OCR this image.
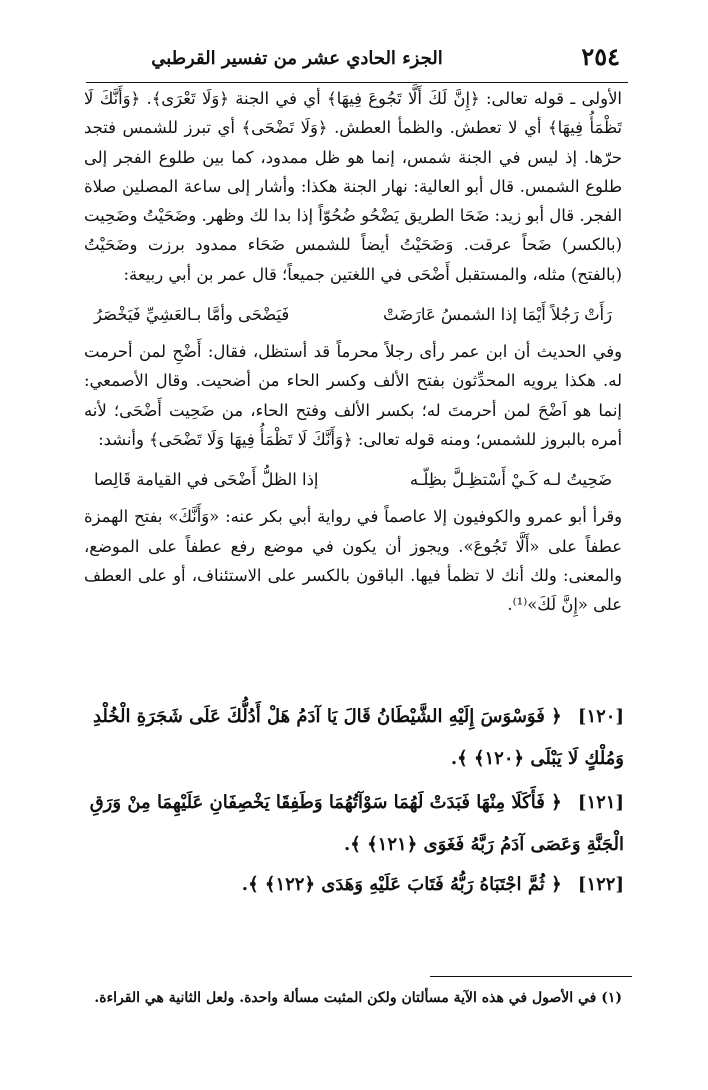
٢٥٤
الجزء الحادي عشر من تفسير القرطبي

الأولى ـ قوله تعالى: ﴿إِنَّ لَكَ أَلَّا تَجُوعَ فِيهَا﴾ أي في الجنة ﴿وَلَا تَعْرَى﴾. ﴿وَأَنَّكَ لَا تَظْمَأُ فِيهَا﴾ أي لا تعطش. والظمأ العطش. ﴿وَلَا تَضْحَى﴾ أي تبرز للشمس فتجد حرّها. إذ ليس في الجنة شمس، إنما هو ظل ممدود، كما بين طلوع الفجر إلى طلوع الشمس. قال أبو العالية: نهار الجنة هكذا: وأشار إلى ساعة المصلين صلاة الفجر. قال أبو زيد: ضَحَا الطريق يَضْحُو ضُحُوّاً إذا بدا لك وظهر. وضَحَيْتُ وضَحِيت (بالكسر) ضَحاً عرقت. وَضَحَيْتُ أيضاً للشمس ضَحَاء ممدود برزت وضَحَيْتُ (بالفتح) مثله، والمستقبل أَضْحَى في اللغتين جميعاً؛ قال عمر بن أبي ربيعة:

رَأَتْ رَجُلاً أَيْمَا إذا الشمسُ عَارَضَتْ
فَيَضْحَى وأمَّا بـالعَشِيِّ فَيَخْصَرُ

وفي الحديث أن ابن عمر رأى رجلاً محرماً قد أستظل، فقال: أَضْحِ لمن أحرمت له. هكذا يرويه المحدِّثون بفتح الألف وكسر الحاء من أضحيت. وقال الأصمعي: إنما هو اَضْحَ لمن أحرمتَ له؛ بكسر الألف وفتح الحاء، من ضَحِيت أَضْحَى؛ لأنه أمره بالبروز للشمس؛ ومنه قوله تعالى: ﴿وَأَنَّكَ لَا تَظْمَأُ فِيهَا وَلَا تَضْحَى﴾ وأنشد:

ضَحِيتُ لـه كَـيْ أَسْتظِـلَّ بظِلّـه
إذا الظلُّ أَضْحَى في القيامة قَالِصا

وقرأ أبو عمرو والكوفيون إلا عاصماً في رواية أبي بكر عنه: «وَأَنَّكَ» بفتح الهمزة عطفاً على «أَلَّا تَجُوعَ». ويجوز أن يكون في موضع رفع عطفاً على الموضع، والمعنى: ولك أنك لا تظمأ فيها. الباقون بالكسر على الاستئناف، أو على العطف على «إِنَّ لَكَ»⁽¹⁾.

[١٢٠] ﴿ فَوَسْوَسَ إِلَيْهِ الشَّيْطَانُ قَالَ يَا آدَمُ هَلْ أَدُلُّكَ عَلَى شَجَرَةِ الْخُلْدِ وَمُلْكٍ لَا يَبْلَى ﴿١٢٠﴾ ﴾.
[١٢١] ﴿ فَأَكَلَا مِنْهَا فَبَدَتْ لَهُمَا سَوْآتُهُمَا وَطَفِقَا يَخْصِفَانِ عَلَيْهِمَا مِنْ وَرَقِ الْجَنَّةِ وَعَصَى آدَمُ رَبَّهُ فَغَوَى ﴿١٢١﴾ ﴾.
[١٢٢] ﴿ ثُمَّ اجْتَبَاهُ رَبُّهُ فَتَابَ عَلَيْهِ وَهَدَى ﴿١٢٢﴾ ﴾.
(١) في الأصول في هذه الآية مسألتان ولكن المثبت مسألة واحدة. ولعل الثانية هي القراءة.
